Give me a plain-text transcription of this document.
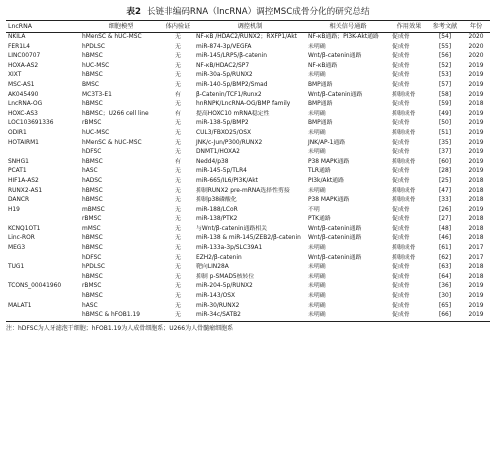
表2 长链非编码RNA（lncRNA）调控MSC成骨分化的研究总结
LncRNA	细胞模型	体内验证	调控机制	相关信号通路	作用效果	参考文献	年份
NKILA	hMenSC & hUC-MSC	无	NF-κB /HDAC2/RUNX2；RXFP1/Akt	NF-κB通路；PI3K-Akt通路	促成骨	[54]	2020
FER1L4	hPDLSC	无	miR-874-3p/VEGFA	未明确	促成骨	[55]	2020
LINC00707	hBMSC	无	miR-145/LRP5/β-catenin	Wnt/β-catenin通路	促成骨	[56]	2020
HOXA-AS2	hUC-MSC	无	NF-κB/HDAC2/SP7	NF-κB通路	促成骨	[52]	2019
XIXT	hBMSC	无	miR-30a-5p/RUNX2	未明确	促成骨	[53]	2019
MSC-AS1	BMSC	无	miR-140-5p/BMP2/Smad	BMP通路	促成骨	[57]	2019
AK045490	MC3T3-E1	有	β-Catenin/TCF1/Runx2	Wnt/β-Catenin通路	抑制成骨	[58]	2019
LncRNA-OG	hBMSC	无	hnRNPK/LncRNA-OG/BMP family	BMP通路	促成骨	[59]	2018
HOXC-AS3	hBMSC；U266 cell line	有	提高HOXC10 mRNA稳定性	未明确	抑制成骨	[49]	2019
LOC103691336	rBMSC	无	miR-138-5p/BMP2	BMP通路	促成骨	[50]	2019
ODIR1	hUC-MSC	无	CUL3/FBXO25/OSX	未明确	抑制成骨	[51]	2019
HOTAIRM1	hMenSC & hUC-MSC	无	JNK/c-Jun/P300/RUNX2	JNK/AP-1通路	促成骨	[35]	2019
	hDFSC	无	DNMT1/HOXA2	未明确	促成骨	[37]	2019
SNHG1	hBMSC	有	Nedd4/p38	P38 MAPK通路	抑制成骨	[60]	2019
PCAT1	hASC	无	miR-145-5p/TLR4	TLR通路	促成骨	[28]	2019
HIF1A-AS2	hADSC	无	miR-665/IL6/PI3K/Akt	PI3k/Akt通路	促成骨	[25]	2018
RUNX2-AS1	hBMSC	无	抑制RUNX2 pre-mRNA选择性剪接	未明确	抑制成骨	[47]	2018
DANCR	hBMSC	无	抑制p38磷酸化	P38 MAPK通路	抑制成骨	[33]	2018
H19	mBMSC	无	miR-188/LCoR	不明	促成骨	[26]	2019
	rBMSC	无	miR-138/PTK2	PTK通路	促成骨	[27]	2018
KCNQ1OT1	mMSC	无	与Wnt/β-catenin通路相关	Wnt/β-catenin通路	促成骨	[48]	2018
Linc-ROR	hBMSC	无	miR-138 & miR-145/ZEB2/β-catenin	Wnt/β-catenin通路	促成骨	[46]	2018
MEG3	hBMSC	无	miR-133a-3p/SLC39A1	未明确	抑制成骨	[61]	2017
	hDFSC	无	EZH2/β-catenin	Wnt/β-catenin通路	抑制成骨	[62]	2017
TUG1	hPDLSC	无	靶向LIN28A	未明确	促成骨	[63]	2018
	hBMSC	无	抑制 p-SMAD5核转位	未明确	促成骨	[64]	2018
TCONS_00041960	rBMSC	无	miR-204-5p/RUNX2	未明确	促成骨	[36]	2019
	hBMSC	无	miR-143/OSX	未明确	促成骨	[30]	2019
MALAT1	hASC	无	miR-30/RUNX2	未明确	促成骨	[65]	2019
	hBMSC & hFOB1.19	无	miR-34c/SATB2	未明确	促成骨	[66]	2019
注：hDFSC为人牙滤泡干细胞；hFOB1.19为人成骨细胞系；U266为人骨髓瘤细胞系
